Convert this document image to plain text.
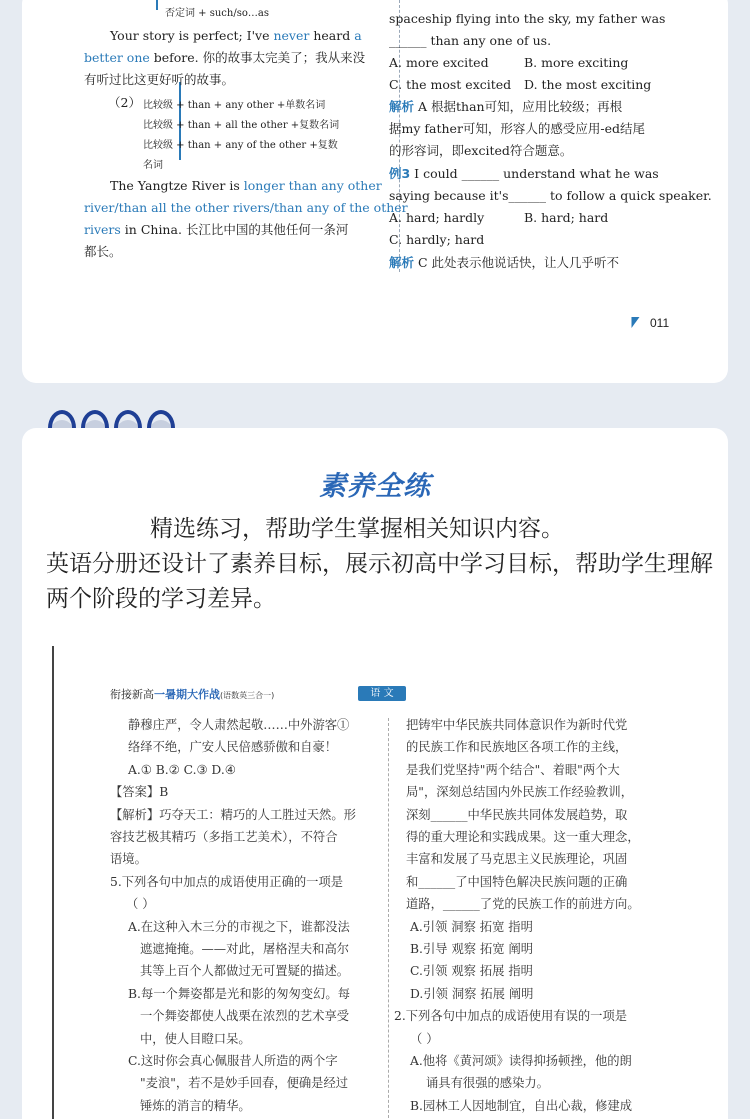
否定词 + such/so…as
Your story is perfect; I've never heard a
better one before. 你的故事太完美了；我从来没
有听过比这更好听的故事。
（2） 比较级 + than + any other +单数名词
比较级 + than + all the other +复数名词
比较级 + than + any of the other +复数
名词
The Yangtze River is longer than any other
river/than all the other rivers/than any of the other
rivers in China. 长江比中国的其他任何一条河
都长。
spaceship flying into the sky, my father was
______ than any one of us.
A. more excited	B. more exciting
C. the most excited D. the most exciting
解析 A 根据than可知，应用比较级；再根
据my father可知，形容人的感受应用-ed结尾
的形容词，即excited符合题意。
例3 I could ______ understand what he was
saying because it's______ to follow a quick speaker.
A. hard; hardly	B. hard; hard
C. hardly; hard
解析 C 此处表示他说话快，让人几乎听不
011
素养全练
精选练习，帮助学生掌握相关知识内容。
英语分册还设计了素养目标，展示初高中学习目标，帮助学生理解两个阶段的学习差异。
衔接新高一暑期大作战(语数英三合一)	语 文
静穆庄严，令人肃然起敬……中外游客①
络绎不绝，广安人民倍感骄傲和自豪！
A.① B.② C.③ D.④
【答案】B
【解析】巧夺天工：精巧的人工胜过天然。形
容技艺极其精巧（多指工艺美术），不符合
语境。
5.下列各句中加点的成语使用正确的一项是
（ ）
A.在这种入木三分的市视之下，谁都没法
遮遮掩掩。——对此，屠格涅夫和高尔
其等上百个人都做过无可置疑的描述。
B.每一个舞姿都是光和影的匆匆变幻。每
一个舞姿都使人战栗在浓烈的艺术享受
中，使人目瞪口呆。
C.这时你会真心佩服昔人所造的两个字
"麦浪"，若不是妙手回春，便确是经过
锤炼的消言的精华。
把铸牢中华民族共同体意识作为新时代党
的民族工作和民族地区各项工作的主线，
是我们党坚持"两个结合"、着眼"两个大
局"，深刻总结国内外民族工作经验教训，
深刻______中华民族共同体发展趋势，取
得的重大理论和实践成果。这一重大理念，
丰富和发展了马克思主义民族理论，巩固
和______了中国特色解决民族问题的正确
道路，______了党的民族工作的前进方向。
A.引领 洞察 拓宽 指明
B.引导 观察 拓宽 阐明
C.引领 观察 拓展 指明
D.引领 洞察 拓展 阐明
2.下列各句中加点的成语使用有误的一项是
（ ）
A.他将《黄河颂》读得抑扬顿挫，他的朗
诵具有很强的感染力。
B.园林工人因地制宜，自出心裁，修建成
